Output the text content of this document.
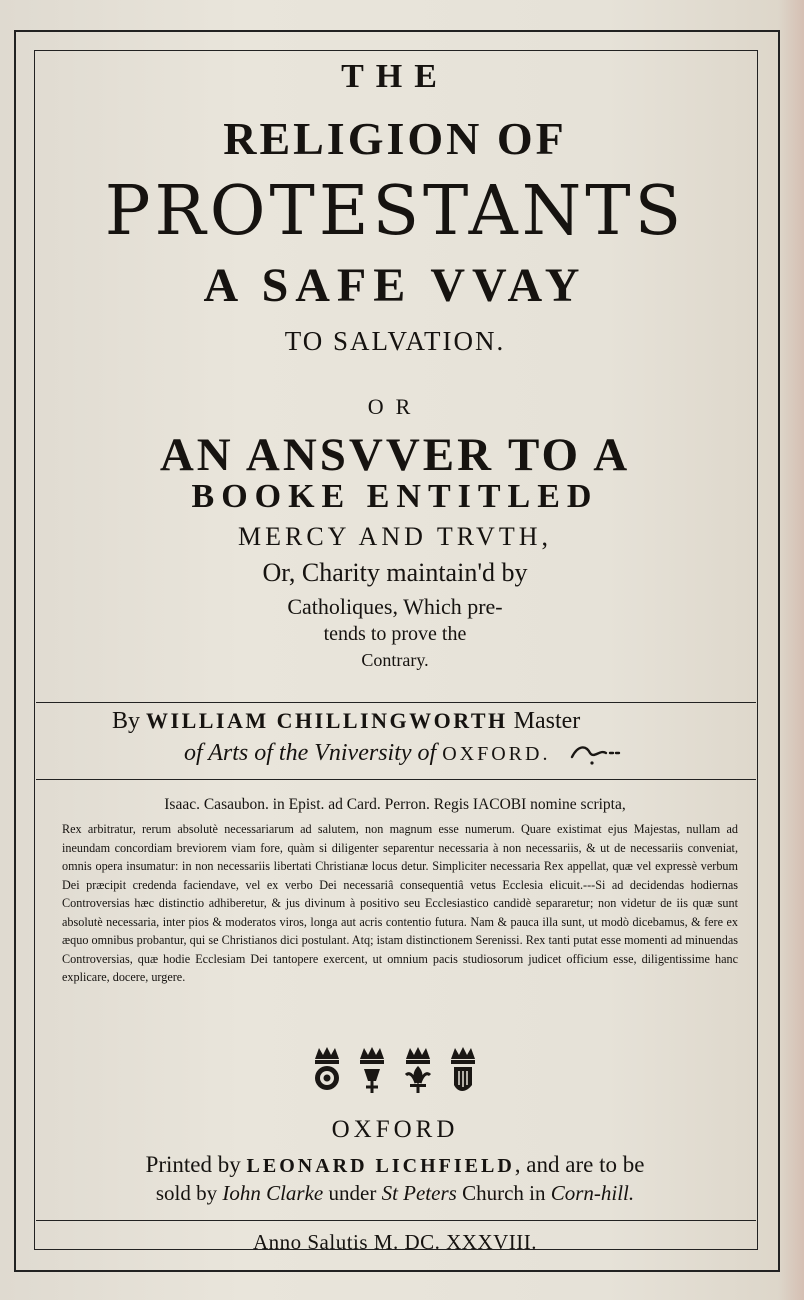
THE
RELIGION OF
PROTESTANTS
A SAFE VVAY
TO SALVATION.
OR
AN ANSVVER TO A
BOOKE ENTITLED
MERCY AND TRVTH,
Or, Charity maintain'd by
Catholiques, Which pre-
tends to prove the
Contrary.
By WILLIAM CHILLINGWORTH Master
of Arts of the Vniversity of OXFORD.
Isaac. Casaubon. in Epist. ad Card. Perron. Regis IACOBI nomine scripta,
Rex arbitratur, rerum absolutè necessariarum ad salutem, non magnum esse numerum. Quare existimat ejus Majestas, nullam ad ineundam concordiam breviorem viam fore, quàm si diligenter separentur necessaria à non necessariis, & ut de necessariis conveniat, omnis opera insumatur: in non necessariis libertati Christianæ locus detur. Simpliciter necessaria Rex appellat, quæ vel expressè verbum Dei præcipit credenda faciendave, vel ex verbo Dei necessariâ consequentiâ vetus Ecclesia elicuit.---Si ad decidendas hodiernas Controversias hæc distinctio adhiberetur, & jus divinum à positivo seu Ecclesiastico candidè separaretur; non videtur de iis quæ sunt absolutè necessaria, inter pios & moderatos viros, longa aut acris contentio futura. Nam & pauca illa sunt, ut modò dicebamus, & fere ex æquo omnibus probantur, qui se Christianos dici postulant. Atq; istam distinctionem Serenissi. Rex tanti putat esse momenti ad minuendas Controversias, quæ hodie Ecclesiam Dei tantopere exercent, ut omnium pacis studiosorum judicet officium esse, diligentissime hanc explicare, docere, urgere.

OXFORD
Printed by LEONARD LICHFIELD, and are to be
sold by Iohn Clarke under St Peters Church in Corn-hill.
Anno Salutis M. DC. XXXVIII.
